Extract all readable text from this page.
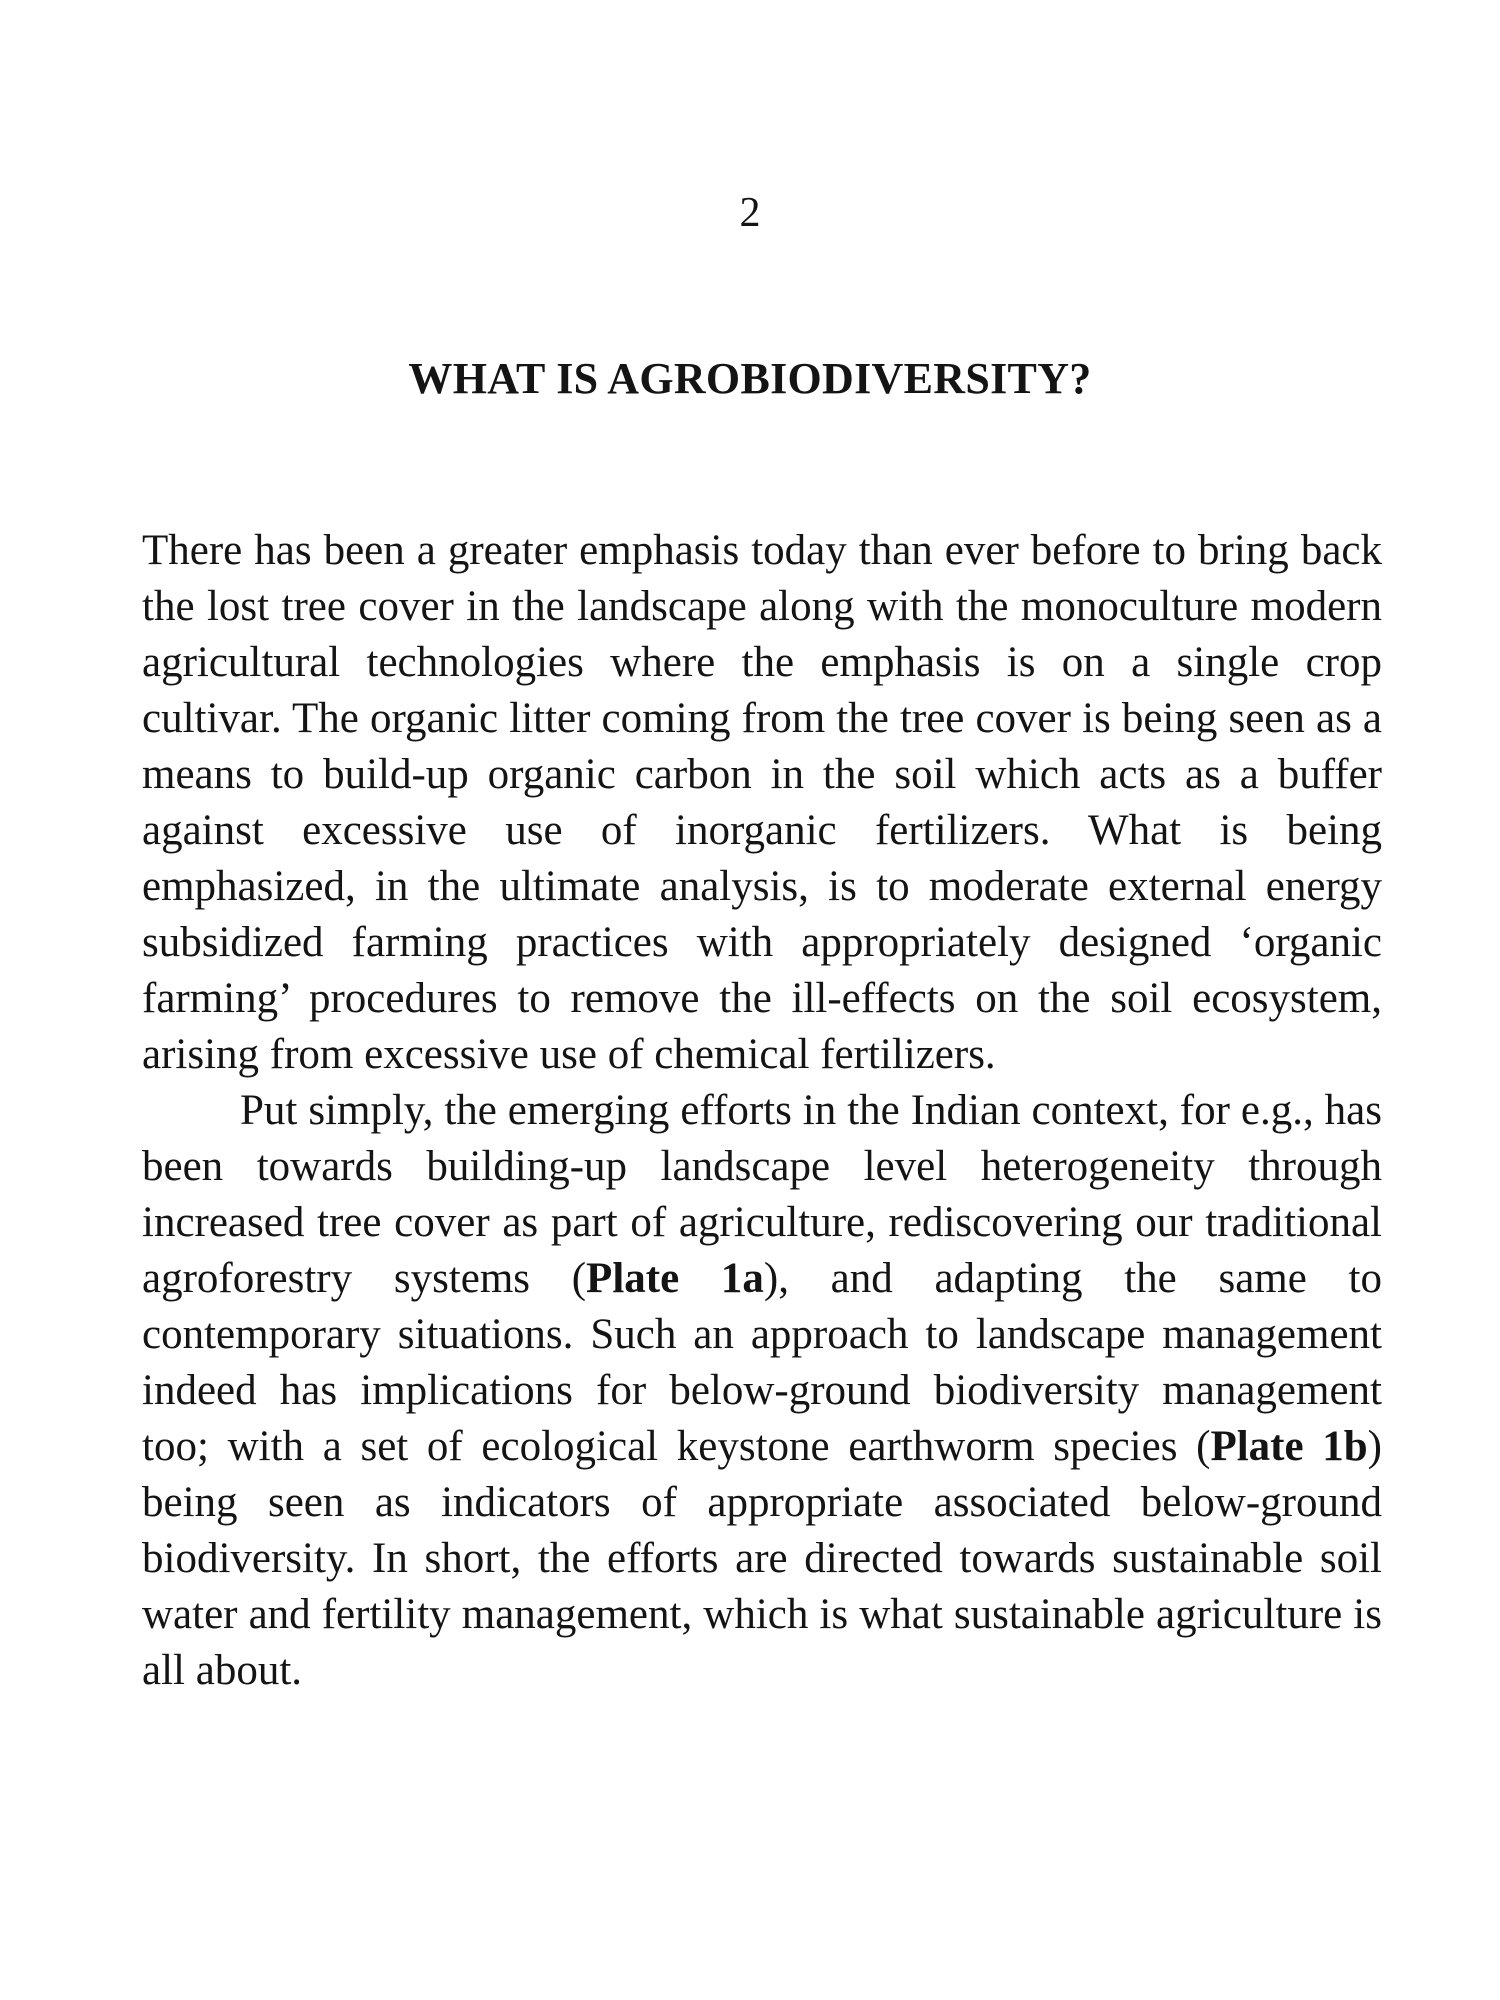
2
WHAT IS AGROBIODIVERSITY?

There has been a greater emphasis today than ever before to bring back the lost tree cover in the landscape along with the monoculture modern agricultural technologies where the emphasis is on a single crop cultivar. The organic litter coming from the tree cover is being seen as a means to build-up organic carbon in the soil which acts as a buffer against excessive use of inorganic fertilizers. What is being emphasized, in the ultimate analysis, is to moderate external energy subsidized farming practices with appropriately designed ‘organic farming’ procedures to remove the ill-effects on the soil ecosystem, arising from excessive use of chemical fertilizers.

Put simply, the emerging efforts in the Indian context, for e.g., has been towards building-up landscape level heterogeneity through increased tree cover as part of agriculture, rediscovering our traditional agroforestry systems (Plate 1a), and adapting the same to contemporary situations. Such an approach to landscape management indeed has implications for below-ground biodiversity management too; with a set of ecological keystone earthworm species (Plate 1b) being seen as indicators of appropriate associated below-ground biodiversity. In short, the efforts are directed towards sustainable soil water and fertility management, which is what sustainable agriculture is all about.
